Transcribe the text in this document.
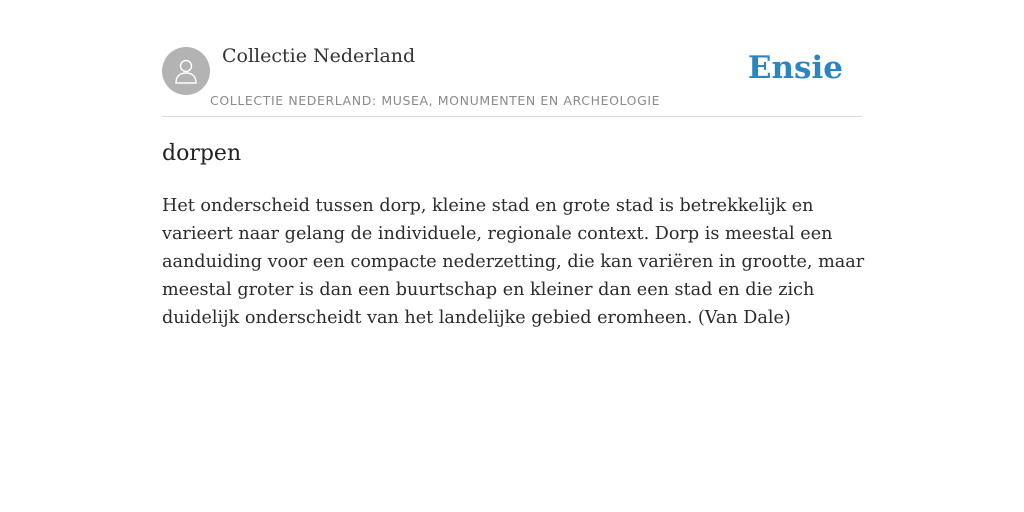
Collectie Nederland
COLLECTIE NEDERLAND: MUSEA, MONUMENTEN EN ARCHEOLOGIE
Ensie
dorpen

Het onderscheid tussen dorp, kleine stad en grote stad is betrekkelijk en varieert naar gelang de individuele, regionale context. Dorp is meestal een aanduiding voor een compacte nederzetting, die kan variëren in grootte, maar meestal groter is dan een buurtschap en kleiner dan een stad en die zich duidelijk onderscheidt van het landelijke gebied eromheen. (Van Dale)
